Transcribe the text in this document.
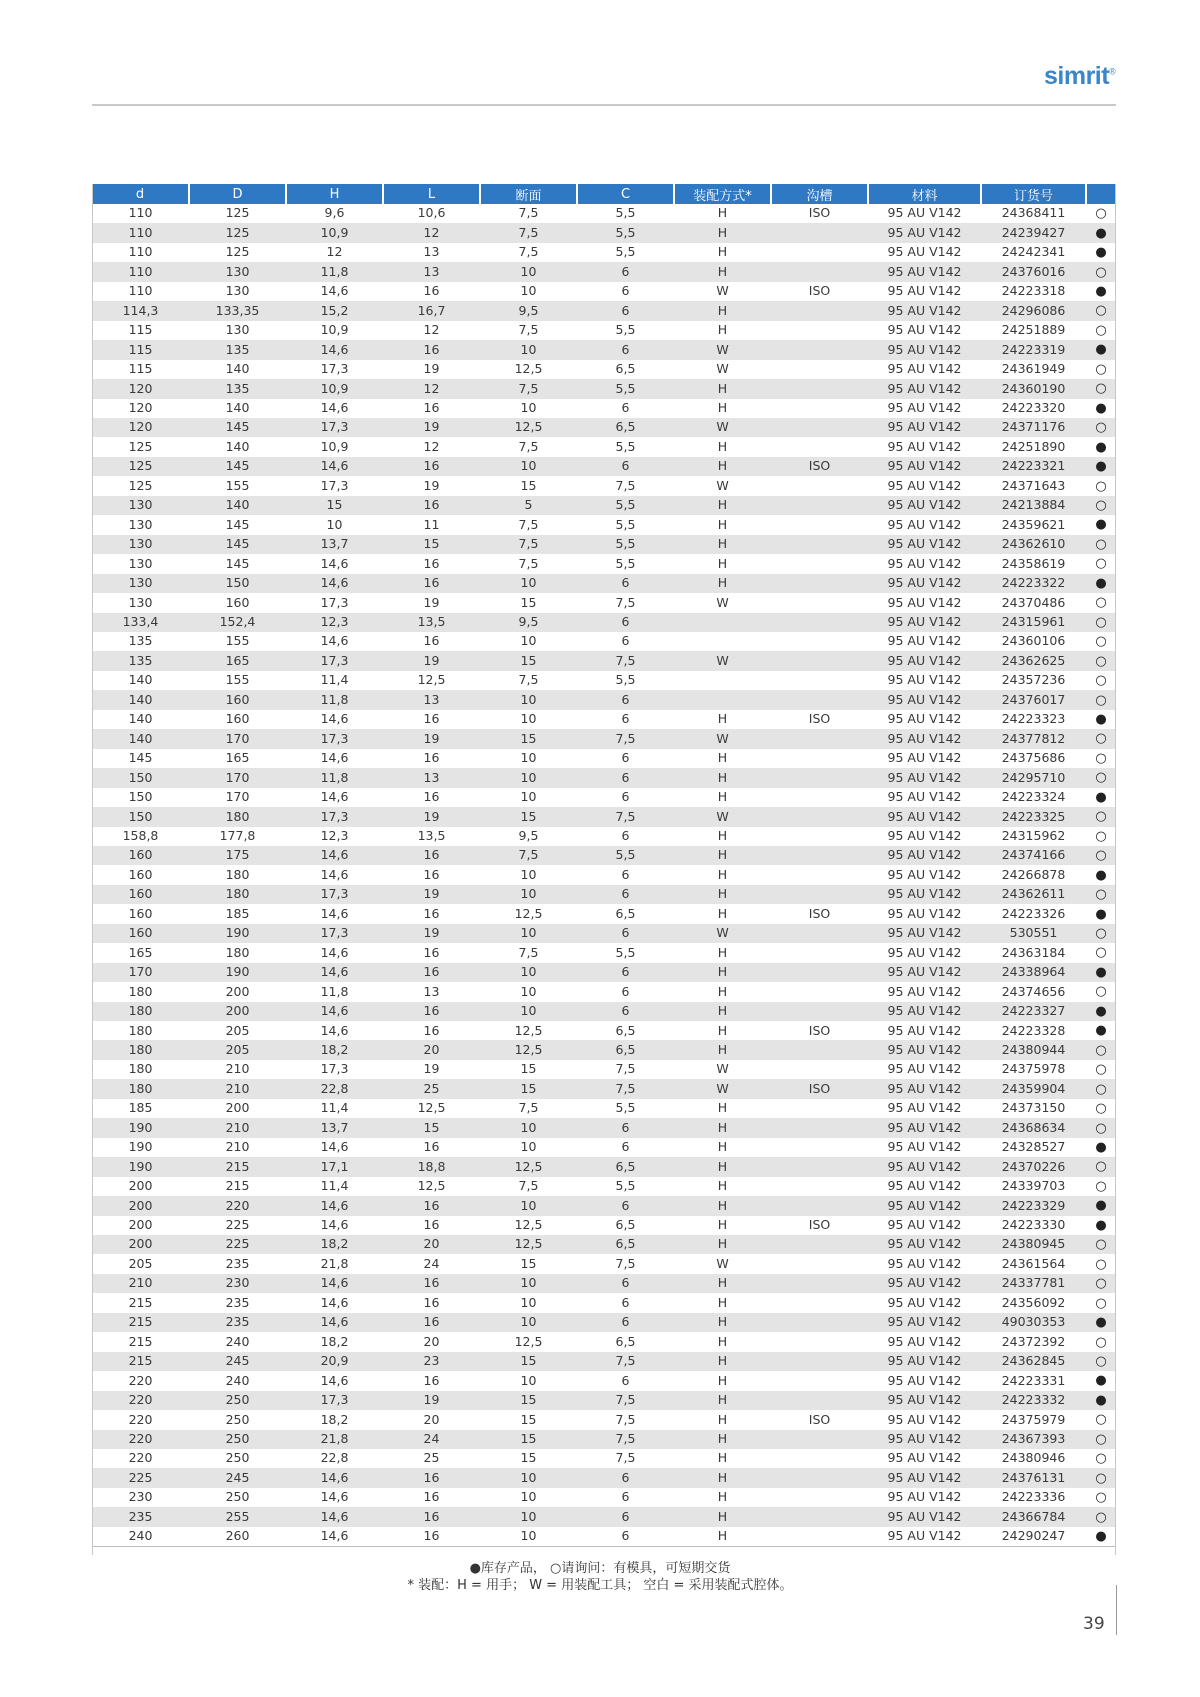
simrit®
d	D	H	L	断面	C	装配方式*	沟槽	材料	订货号	
110	125	9,6	10,6	7,5	5,5	H	ISO	95 AU V142	24368411	○
110	125	10,9	12	7,5	5,5	H		95 AU V142	24239427	●
110	125	12	13	7,5	5,5	H		95 AU V142	24242341	●
110	130	11,8	13	10	6	H		95 AU V142	24376016	○
110	130	14,6	16	10	6	W	ISO	95 AU V142	24223318	●
114,3	133,35	15,2	16,7	9,5	6	H		95 AU V142	24296086	○
115	130	10,9	12	7,5	5,5	H		95 AU V142	24251889	○
115	135	14,6	16	10	6	W		95 AU V142	24223319	●
115	140	17,3	19	12,5	6,5	W		95 AU V142	24361949	○
120	135	10,9	12	7,5	5,5	H		95 AU V142	24360190	○
120	140	14,6	16	10	6	H		95 AU V142	24223320	●
120	145	17,3	19	12,5	6,5	W		95 AU V142	24371176	○
125	140	10,9	12	7,5	5,5	H		95 AU V142	24251890	●
125	145	14,6	16	10	6	H	ISO	95 AU V142	24223321	●
125	155	17,3	19	15	7,5	W		95 AU V142	24371643	○
130	140	15	16	5	5,5	H		95 AU V142	24213884	○
130	145	10	11	7,5	5,5	H		95 AU V142	24359621	●
130	145	13,7	15	7,5	5,5	H		95 AU V142	24362610	○
130	145	14,6	16	7,5	5,5	H		95 AU V142	24358619	○
130	150	14,6	16	10	6	H		95 AU V142	24223322	●
130	160	17,3	19	15	7,5	W		95 AU V142	24370486	○
133,4	152,4	12,3	13,5	9,5	6			95 AU V142	24315961	○
135	155	14,6	16	10	6			95 AU V142	24360106	○
135	165	17,3	19	15	7,5	W		95 AU V142	24362625	○
140	155	11,4	12,5	7,5	5,5			95 AU V142	24357236	○
140	160	11,8	13	10	6			95 AU V142	24376017	○
140	160	14,6	16	10	6	H	ISO	95 AU V142	24223323	●
140	170	17,3	19	15	7,5	W		95 AU V142	24377812	○
145	165	14,6	16	10	6	H		95 AU V142	24375686	○
150	170	11,8	13	10	6	H		95 AU V142	24295710	○
150	170	14,6	16	10	6	H		95 AU V142	24223324	●
150	180	17,3	19	15	7,5	W		95 AU V142	24223325	○
158,8	177,8	12,3	13,5	9,5	6	H		95 AU V142	24315962	○
160	175	14,6	16	7,5	5,5	H		95 AU V142	24374166	○
160	180	14,6	16	10	6	H		95 AU V142	24266878	●
160	180	17,3	19	10	6	H		95 AU V142	24362611	○
160	185	14,6	16	12,5	6,5	H	ISO	95 AU V142	24223326	●
160	190	17,3	19	10	6	W		95 AU V142	530551	○
165	180	14,6	16	7,5	5,5	H		95 AU V142	24363184	○
170	190	14,6	16	10	6	H		95 AU V142	24338964	●
180	200	11,8	13	10	6	H		95 AU V142	24374656	○
180	200	14,6	16	10	6	H		95 AU V142	24223327	●
180	205	14,6	16	12,5	6,5	H	ISO	95 AU V142	24223328	●
180	205	18,2	20	12,5	6,5	H		95 AU V142	24380944	○
180	210	17,3	19	15	7,5	W		95 AU V142	24375978	○
180	210	22,8	25	15	7,5	W	ISO	95 AU V142	24359904	○
185	200	11,4	12,5	7,5	5,5	H		95 AU V142	24373150	○
190	210	13,7	15	10	6	H		95 AU V142	24368634	○
190	210	14,6	16	10	6	H		95 AU V142	24328527	●
190	215	17,1	18,8	12,5	6,5	H		95 AU V142	24370226	○
200	215	11,4	12,5	7,5	5,5	H		95 AU V142	24339703	○
200	220	14,6	16	10	6	H		95 AU V142	24223329	●
200	225	14,6	16	12,5	6,5	H	ISO	95 AU V142	24223330	●
200	225	18,2	20	12,5	6,5	H		95 AU V142	24380945	○
205	235	21,8	24	15	7,5	W		95 AU V142	24361564	○
210	230	14,6	16	10	6	H		95 AU V142	24337781	○
215	235	14,6	16	10	6	H		95 AU V142	24356092	○
215	235	14,6	16	10	6	H		95 AU V142	49030353	●
215	240	18,2	20	12,5	6,5	H		95 AU V142	24372392	○
215	245	20,9	23	15	7,5	H		95 AU V142	24362845	○
220	240	14,6	16	10	6	H		95 AU V142	24223331	●
220	250	17,3	19	15	7,5	H		95 AU V142	24223332	●
220	250	18,2	20	15	7,5	H	ISO	95 AU V142	24375979	○
220	250	21,8	24	15	7,5	H		95 AU V142	24367393	○
220	250	22,8	25	15	7,5	H		95 AU V142	24380946	○
225	245	14,6	16	10	6	H		95 AU V142	24376131	○
230	250	14,6	16	10	6	H		95 AU V142	24223336	○
235	255	14,6	16	10	6	H		95 AU V142	24366784	○
240	260	14,6	16	10	6	H		95 AU V142	24290247	●
●库存产品， ○请询问：有模具，可短期交货
* 装配：H = 用手； W = 用装配工具； 空白 = 采用装配式腔体。
39
